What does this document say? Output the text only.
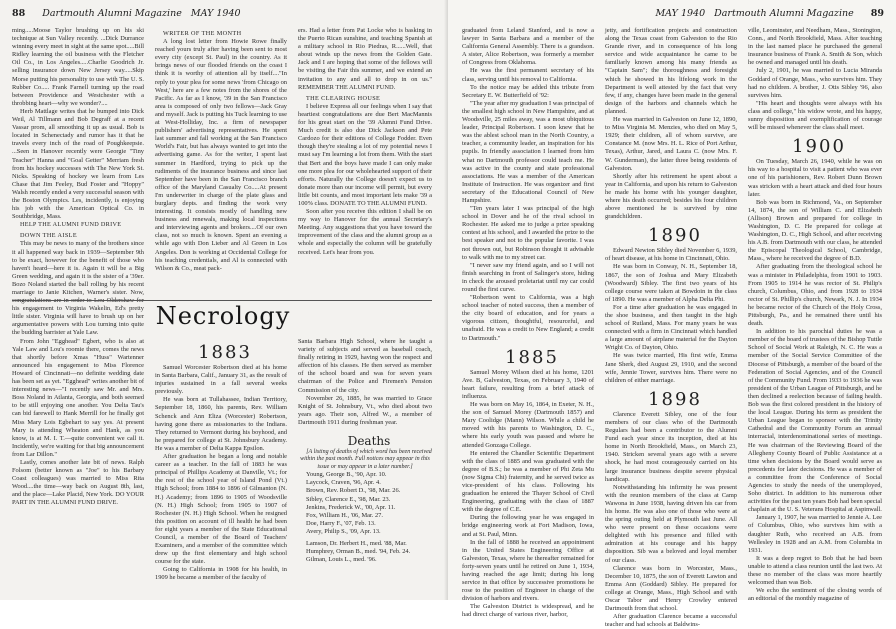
88 Dartmouth Alumni Magazine MAY 1940

ming.....Moose Taylor brushing up on his ski technique at Sun Valley recently. ...Dick Durrance winning every meet in sight at the same spot.....Bill Ridley learning the oil business with the Fletcher Oil Co., in Los Angeles.....Charlie Goodrich Jr. selling insurance down New Jersey way.....Skip Morse putting his personality to use with The U. S. Rubber Co..... Frank Farnell turning up the road between Providence and Westchester with a throbbing heart—why we wonder?....

Herb Mattlage writes that he bumped into Dick Weil, Al Tillmann and Bob Degraff at a recent Vassar prom, all smoothing it up as usual. Bob is located in Schenectady and rumor has it that he travels every inch of the road of Poughkeepsie. ...Seen in Hanover recently were Georgie "Tiny Teacher" Hanna and "Goal Getter" Merriam fresh from his hockey successes with The New York St. Nicks. Speaking of hockey we learn from Les Chase that Jim Feeley, Bud Foster and "Hoppy" Walsh recently ended a very successful season with the Boston Olympics. Les, incidently, is enjoying his job with the American Optical Co. in Southbridge, Mass.

HELP THE ALUMNI FUND DRIVE

DOWN THE AISLE

This may be news to many of the brothers since it all happened way back in 1939—September 9th to be exact, however for the benefit of those who haven't heard—here it is. Again it will be a Big Green wedding, and again it is the sister of a '39er. Bozo Noland started the ball rolling by his recent marriage to Janie Kitchen, Warner's sister. Now, congratulations are in order to Lou Oldershaw for his engagement to Virginia Wakelin, Ed's pretty little sister. Virginia will have to brush up on her argumentative powers with Lou turning into quite the budding barrister at Yale Law.

From John "Egghead" Egbert, who is also at Yale Law and Lou's roomie there, comes the news that shortly before Xmas "Huss" Wartenner announced his engagement to Miss Florence Howard of Cincinnati—no definite wedding date has been set as yet. "Egghead" writes another bit of interesting news—"I recently saw Mr. and Mrs. Boss Noland in Atlanta, Georgia, and both seemed to be still enjoying one another. You Delta Tau's can bid farewell to Hank Merrill for he finally got Miss Mary Lois Egbehart to say yes. At present Mary is attending Wheaton and Hank, as you know, is at M. I. T.—quite convenient we call it. Incidently, we're waiting for that big announcement from Lar Dillon."

Lastly, comes another late bit of news. Ralph Folsom (better known as "Joe" to his Barbary Coast colleagues) was married to Miss Rita Wood....the time—way back on August 8th, last, and the place—Lake Placid, New York. DO YOUR PART IN THE ALUMNI FUND DRIVE.

WRITER OF THE MONTH

A long lost letter from Howie Rowe finally reached yours truly after having been sent to most every city (except St. Paul) in the country. As it brings news of our flooded friends on the coast I think it is worthy of attention all by itself...."In reply to your plea for some news 'from Chicago on West,' here are a few notes from the shores of the Pacific. As far as I know, '39 in the San Francisco area is composed of only two fellows—Jack Gray and myself. Jack is putting his Tuck learning to use at West-Holliday, Inc. a firm of newspaper publishers' advertising representatives. He spent last summer and fall working at the San Francisco World's Fair, but has always wanted to get into the advertising game. As for the writer, I spent last summer in Hardford, trying to pick up the rudiments of the insurance business and since last September have been in the San Francisco branch office of the Maryland Casualty Co.....At present I'm underwriter in charge of the plate glass and burglary depts. and finding the work very interesting. It consists mostly of handling new business and renewals, making local inspections and interviewing agents and brokers....Of our own class, not so much is known. Spent an evening a while ago with Don Lieber and Al Green in Los Angeles. Don is working at Occidental College for his teaching credentials, and Al is connected with Wilson & Co., meat pack-

ers. Had a letter from Pat Locke who is basking in the Puerto Rican sunshine, and teaching Spanish at a military school in Rio Piedras, R......Well, that about winds up the news from the Golden Gate. Jack and I are hoping that some of the fellows will be visiting the Fair this summer, and we extend an invitation to any and all to drop in on us." REMEMBER THE ALUMNI FUND.

THE CLEARING HOUSE

I believe Express all our feelings when I say that heartiest congratulations are due Bert MacMannis for his great start on the '39 Alumni Fund Drive. Much credit is also due Dick Jackson and Pete Cardozo for their editions of College Fodder. Even though they're stealing a lot of my potential news I must say I'm learning a lot from them. With the start that Bert and the boys have made I can only make one more plea for our wholehearted support of their efforts. Naturally the College doesn't expect us to donate more than our income will permit, but every little bit counts, and most important lets make '39 a 100% class. DONATE TO THE ALUMNI FUND.

Soon after you receive this edition I shall be on my way to Hanover for the annual Secretary's Meeting. Any suggestions that you have toward the improvement of the class and the alumni group as a whole and especially the column will be gratefully received. Let's hear from you.

Necrology

1883

Samuel Worcester Robertson died at his home in Santa Barbara, Calif., January 31, as the result of injuries sustained in a fall several weeks previously.

He was born at Tullahassee, Indian Territory, September 18, 1860, his parents, Rev. William Schenck and Ann Eliza (Worcester) Robertson, having gone there as missionaries to the Indians. They returned to Vermont during his boyhood, and he prepared for college at St. Johnsbury Academy. He was a member of Delta Kappa Epsilon.

After graduation he began a long and notable career as a teacher. In the fall of 1883 he was principal of Phillips Academy at Danville, Vt.; for the rest of the school year of Island Pond (Vt.) High School; from 1884 to 1896 of Gilmanton (N. H.) Academy; from 1896 to 1905 of Woodsville (N. H.) High School; from 1905 to 1907 of Rochester (N. H.) High School. When he resigned this position on account of ill health he had been for eight years a member of the State Educational Council, a member of the Board of Teachers' Examiners, and a member of the committee which drew up the first elementary and high school course for the state.

Going to California in 1908 for his health, in 1909 he became a member of the faculty of

Santa Barbara High School, where he taught a variety of subjects and served as baseball coach, finally retiring in 1929, having won the respect and affection of his classes. He then served as member of the school board and was for seven years chairman of the Police and Firemen's Pension Commission of the city.

November 26, 1885, he was married to Grace Knight of St. Johnsbury, Vt., who died about two years ago. Their son, Alfred W., a member of Dartmouth 1911 during freshman year.

Deaths

[A listing of deaths of which word has been received within the past month. Full notices may appear in this issue or may appear in a later number.]

Young, George B., '90, Apr. 10.

Laycock, Craven, '96, Apr. 4.

Brown, Rev. Robert D., '98, Mar. 26.

Sibley, Clarence E., '98, Mar. 23.

Jenkins, Frederick W., '00, Apr. 11.

Fox, William H., '06, Mar. 27.

Doe, Harry F., '07, Feb. 13.

Avery, Philip S., '09, Apr. 13.

Lamson, Dr. Herbert H., med. '88, Mar.

Humphrey, Orman B., med. '94, Feb. 24.

Gilman, Louis L., med. '96.

MAY 1940 Dartmouth Alumni Magazine 89

graduated from Leland Stanford, and is now a lawyer in Santa Barbara and a member of the California General Assembly. There is a grandson. A sister, Alice Robertson, was formerly a member of Congress from Oklahoma.

He was the first permanent secretary of his class, serving until his removal to California.

To the notice may be added this tribute from Secretary E. W. Butterfield of '92:

"The year after my graduation I was principal of the smallest high school in New Hampshire, and at Woodsville, 25 miles away, was a most ubiquitous leader, Principal Robertson. I soon knew that he was the ablest school man in the North Country, a teacher, a community leader, an inspiration for his pupils. In friendly association I learned from him what no Dartmouth professor could teach me. He was active in the county and state professional associations. He was a member of the American Institute of Instruction. He was organizer and first secretary of the Educational Council of New Hampshire.

"Ten years later I was principal of the high school in Dover and he of the rival school in Rochester. He asked me to judge a prize speaking contest at his school, and I awarded the prize to the best speaker and not to the popular favorite. I was not thrown out, but Robinson thought it advisable to walk with me to my street car.

"I never saw my friend again, and so I will not finish searching in front of Salinger's store, hiding in check the aroused proletariat until my car could round the first curve.

"Robertson went to California, was a high school teacher of noted success, then a member of the city board of education, and for years a vigorous citizen, thoughtful, resourceful, and unafraid. He was a credit to New England; a credit to Dartmouth."

1885

Samuel Morey Wilson died at his home, 1201 Ave. B, Galveston, Texas, on February 3, 1940 of heart failure, resulting from a brief attack of influenza.

He was born on May 16, 1864, in Exeter, N. H., the son of Samuel Morey (Dartmouth 1857) and Mary Coolidge (Mann) Wilson. While a child he moved with his parents to Washington, D. C., where his early youth was passed and where he attended Gonzaga College.

He entered the Chandler Scientific Department with the class of 1885 and was graduated with the degree of B.S.; he was a member of Phi Zeta Mu (now Sigma Chi) fraternity, and he served twice as vice-president of his class. Following his graduation he entered the Thayer School of Civil Engineering, graduating with the class of 1887 with the degree of C.E.

During the following year he was engaged in bridge engineering work at Fort Madison, Iowa, and at St. Paul, Minn.

In the fall of 1888 he received an appointment in the United States Engineering Office at Galveston, Texas, where he thereafter remained for forty-seven years until he retired on June 1, 1934, having reached the age limit; during his long service in that office by successive promotions he rose to the position of Engineer in charge of the division of harbors and rivers.

The Galveston District is widespread, and he had direct charge of various river, harbor,

jetty, and fortification projects and construction along the Texas coast from Galveston to the Rio Grande river, and in consequence of his long service and wide acquaintance he came to be familiarly known among his many friends as "Captain Sam"; the thoroughness and foresight which he showed in his lifelong work in the Department is well attested by the fact that very few, if any, changes have been made in the general design of the harbors and channels which he planned.

He was married in Galveston on June 12, 1890, to Miss Virginia M. Menzies, who died on May 5, 1929; their children, all of whom survive, are Constance M. (now Mrs. H. L. Rice of Port Arthur, Texas), Arthur, Jared, and Laura C. (now Mrs. F. W. Gunderman), the latter three being residents of Galveston.

Shortly after his retirement he spent about a year in California, and upon his return to Galveston he made his home with his younger daughter, where his death occurred; besides his four children above mentioned he is survived by nine grandchildren.

1890

Edward Newton Sibley died November 6, 1939, of heart disease, at his home in Cincinnati, Ohio.

He was born in Conway, N. H., September 18, 1867, the son of Joshua and Mary Elizabeth (Woodward) Sibley. The first two years of his college course were taken at Bowdoin in the class of 1890. He was a member of Alpha Delta Phi.

For a time after graduation he was engaged in the shoe business, and then taught in the high school of Rutland, Mass. For many years he was connected with a firm in Cincinnati which handled a large amount of airplane material for the Dayton Wright Co. of Dayton, Ohio.

He was twice married, His first wife, Emma Jane Sherk, died August 29, 1910, and the second wife, Jennie Tower, survives him. There were no children of either marriage.

1898

Clarence Everett Sibley, one of the four members of our class who of the Dartmouth Regulars had been a contributor to the Alumni Fund each year since its inception, died at his home in North Brookfield, Mass., on March 23, 1940. Stricken several years ago with a severe shock, he had most courageously carried on his large insurance business despite severe physical handicap.

Notwithstanding his infirmity he was present with the reunion members of the class at Camp Wawona in June 1938, having driven his car from his home. He was also one of those who were at the spring outing held at Plymouth last June. All who were present on these occasions were delighted with his presence and filled with admiration at his courage and his happy disposition. Sib was a beloved and loyal member of our class.

Clarence was born in Worcester, Mass., December 10, 1875, the son of Everett Lawton and Emma Ann (Goddard) Sibley. He prepared for college at Orange, Mass., High School and with Oscar Tabor and Henry Crowley entered Dartmouth from that school.

After graduation Clarence became a successful teacher and had schools at Baldwins-

ville, Leominster, and Needham, Mass., Stonington, Conn., and North Brookfield, Mass. After teaching in the last named place he purchased the general insurance business of Frank A. Smith & Son, which he owned and managed until his death.

July 2, 1901, he was married to Lucia Miranda Goddard of Orange, Mass., who survives him. They had no children. A brother, J. Otis Sibley '96, also survives him.

"His heart and thoughts were always with his class and college," his widow wrote, and his happy, sunny disposition and exemplification of courage will be missed whenever the class shall meet.

1900

On Tuesday, March 26, 1940, while he was on his way to a hospital to visit a patient who was ever one of his parishioners, Rev. Robert Dunn Brown was stricken with a heart attack and died four hours later.

Bob was born in Richmond, Va., on September 14, 1874, the son of William C. and Elizabeth (Allison) Brown and prepared for college in Washington, D. C. He prepared for college at Washington, D. C., High School, and after receiving his A.B. from Dartmouth with our class, he attended the Episcopal Theological School, Cambridge, Mass., where he received the degree of B.D.

After graduating from the theological school he was a minister in Philadelphia, from 1901 to 1903. From 1905 to 1914 he was rector of St. Philip's church, Columbus, Ohio, and from 1928 to 1934 rector of St. Phillip's church, Newark, N. J. In 1934 he became rector of the Church of the Holy Cross, Pittsburgh, Pa., and he remained there until his death.

In addition to his parochial duties he was a member of the board of trustees of the Bishop Tuttle School of Social Work at Raleigh, N. C. He was a member of the Social Service Committee of the Diocese of Pittsburgh, a member of the board of the Federation of Social Agencies, and of the Council of the Community Fund. From 1933 to 1936 he was president of the Urban League of Pittsburgh, and he then declined a reelection because of failing health. Bob was the first colored president in the history of the local League. During his term as president the Urban League began to sponsor with the Trinity Cathedral and the Community Forum an annual interracial, interdenominational series of meetings. He was chairman of the Reviewing Board of the Allegheny County Board of Public Assistance at a time when decisions by the Board would serve as precedents for later decisions. He was a member of a committee from the Conference of Social Agencies to study the needs of the unemployed, Soho district. In addition to his numerous other activities for the past ten years Bob had been special chaplain at the U. S. Veterans Hospital at Aspinwall.

January 1, 1907, he was married to Jennie A. Lee of Columbus, Ohio, who survives him with a daughter Ruth, who received an A.B. from Wellesley in 1928 and an A.M. from Columbia in 1931.

It was a deep regret to Bob that he had been unable to attend a class reunion until the last two. At these no member of the class was more heartily welcomed than was Bob.

We echo the sentiment of the closing words of an editorial of the monthly magazine of
